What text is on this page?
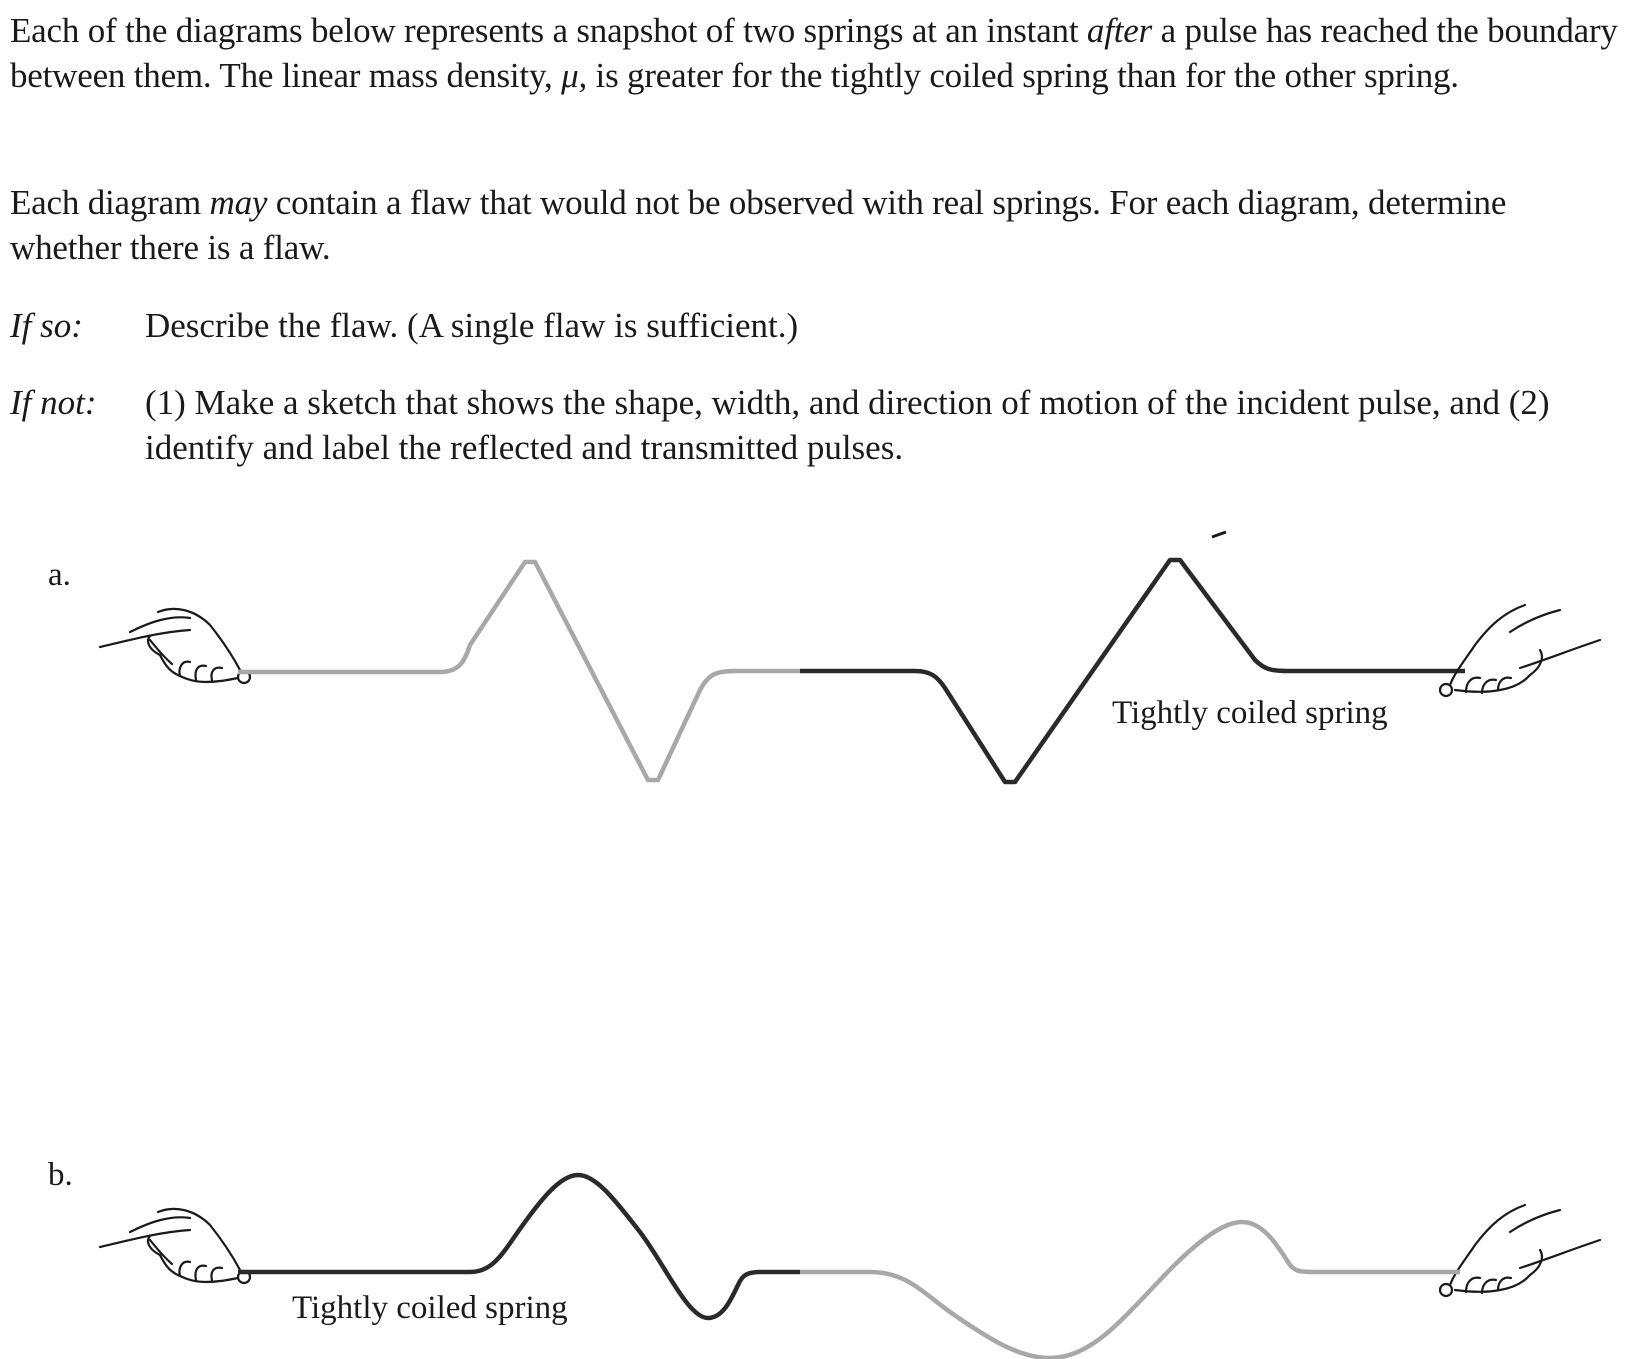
Each of the diagrams below represents a snapshot of two springs at an instant after a pulse has reached the boundary between them. The linear mass density, μ, is greater for the tightly coiled spring than for the other spring.

Each diagram may contain a flaw that would not be observed with real springs. For each diagram, determine whether there is a flaw.

If so: Describe the flaw. (A single flaw is sufficient.)
If not: (1) Make a sketch that shows the shape, width, and direction of motion of the incident pulse, and (2) identify and label the reflected and transmitted pulses.
a.
Tightly coiled spring
b.
Tightly coiled spring
